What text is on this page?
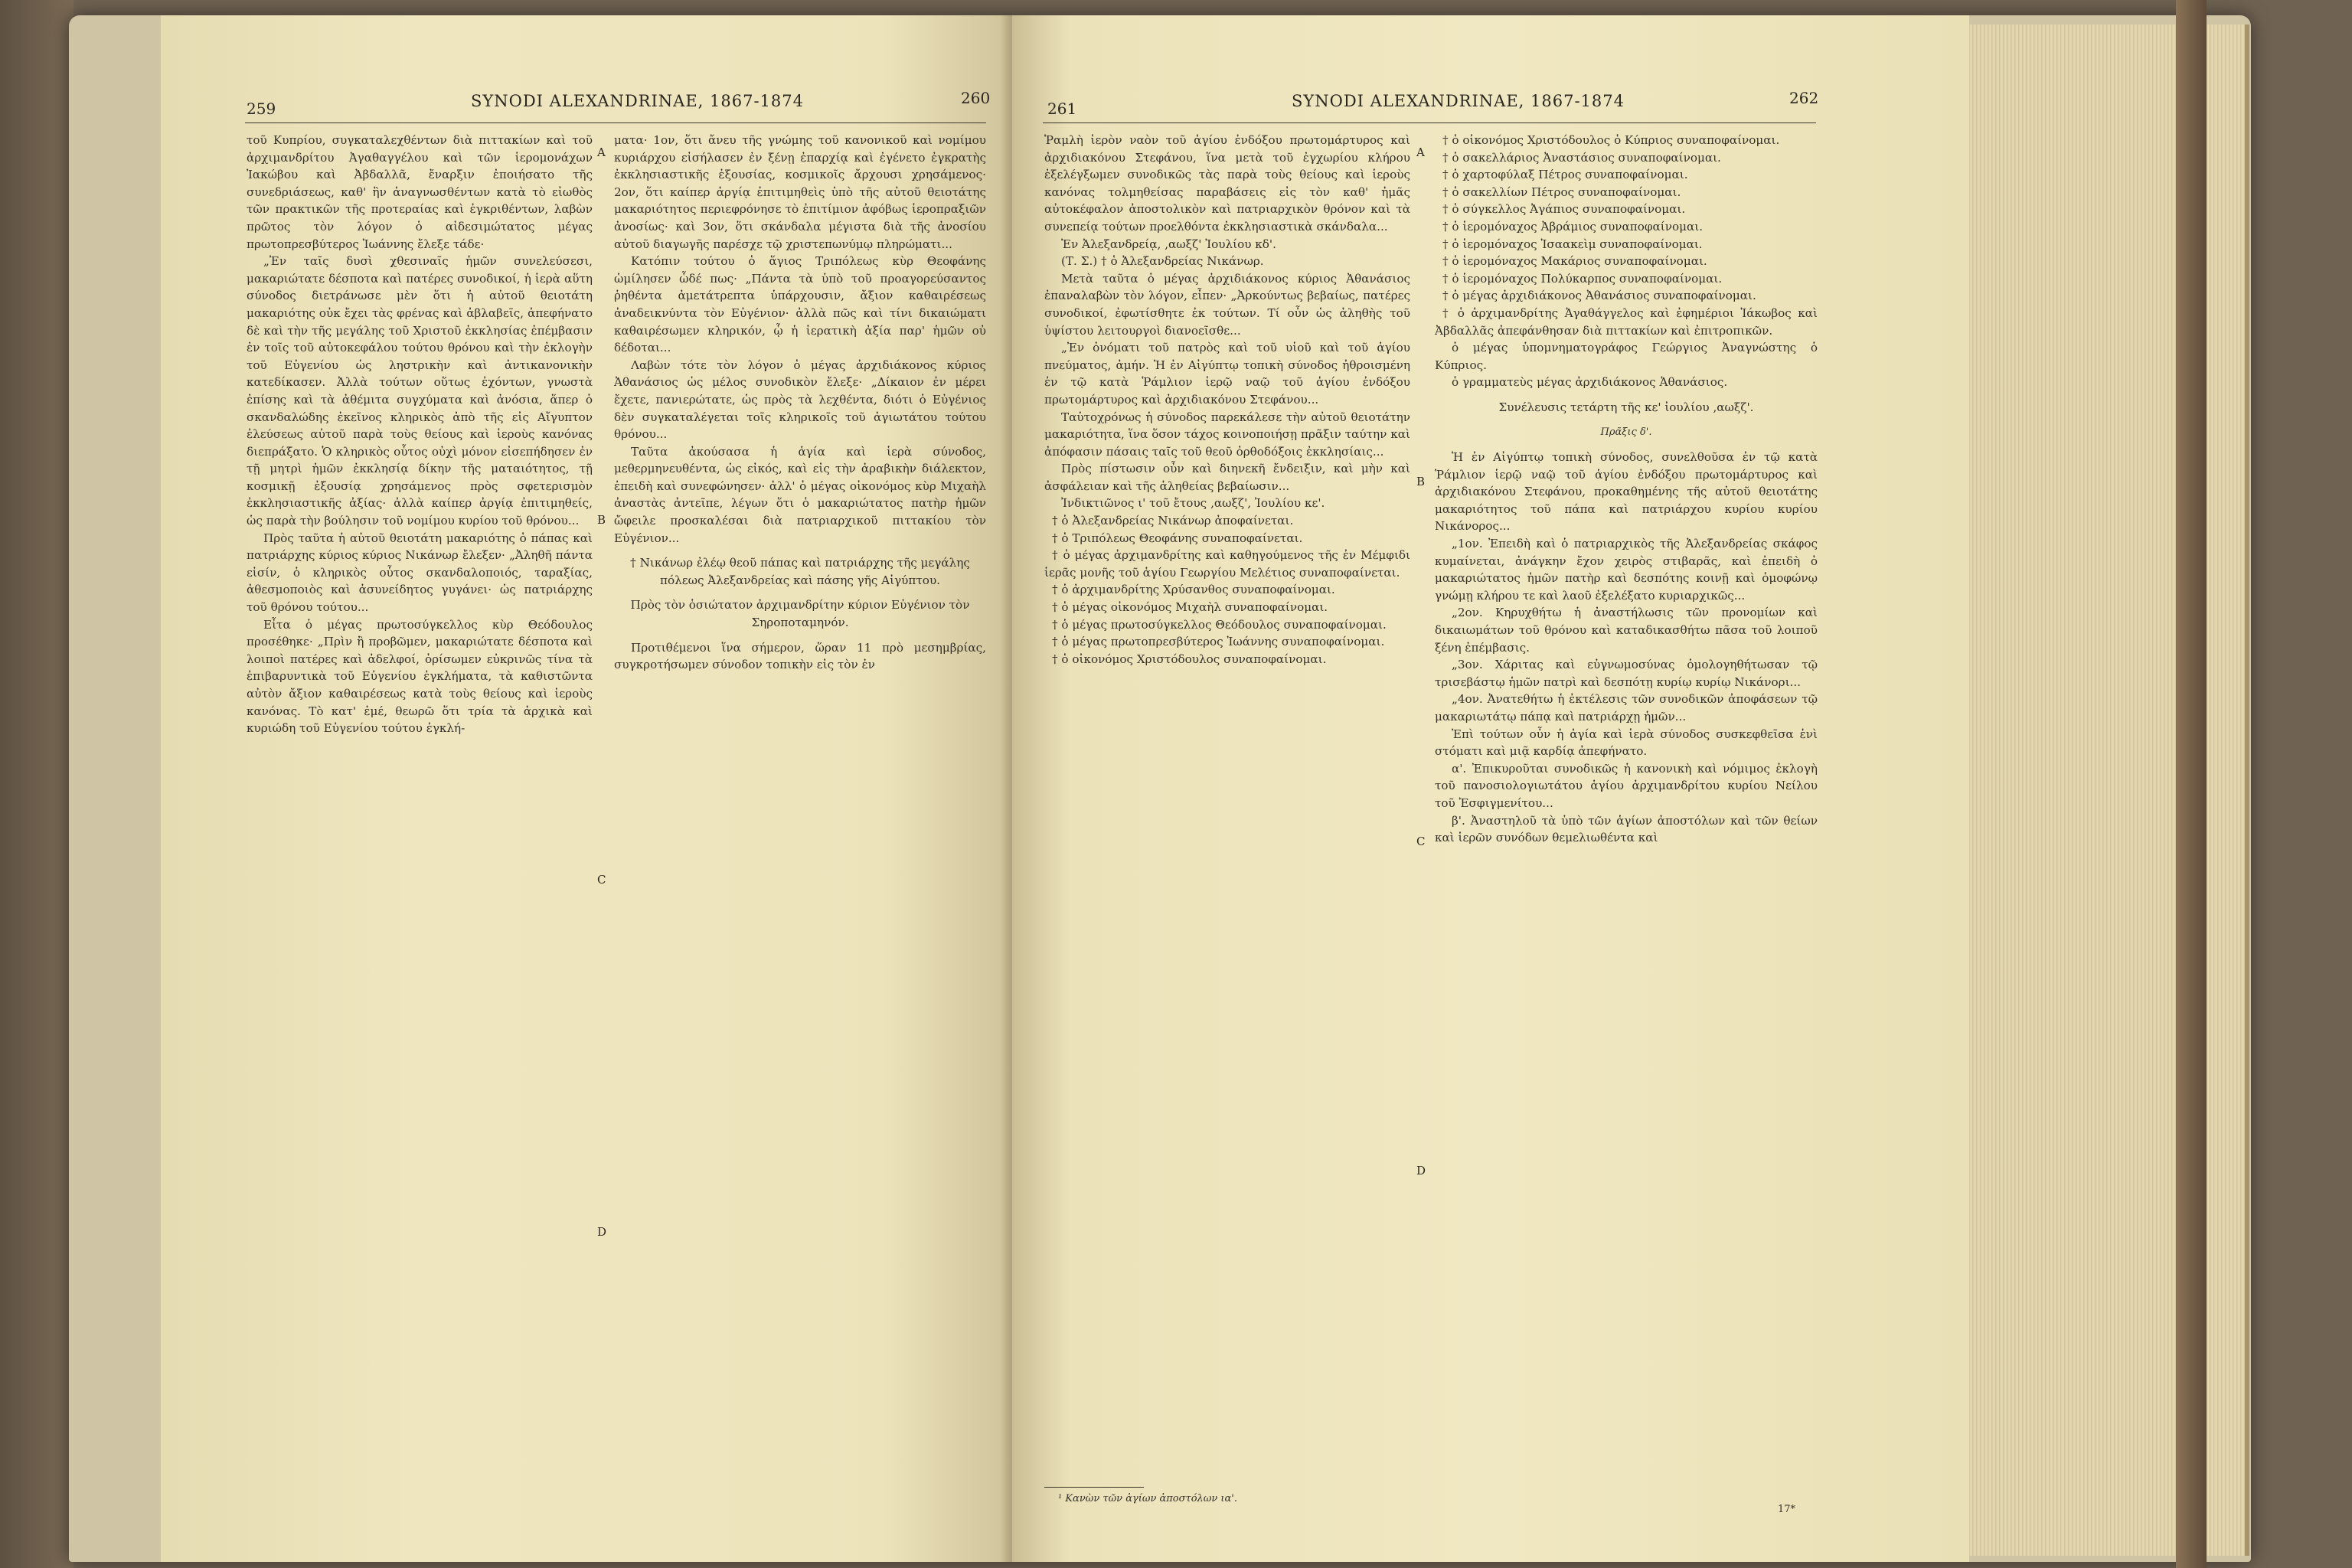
259	SYNODI ALEXANDRINAE, 1867-1874	260

τοῦ Κυπρίου, συγκαταλεχθέντων διὰ πιττακίων καὶ τοῦ ἀρχιμανδρίτου Ἀγαθαγγέλου καὶ τῶν ἱερομονάχων Ἰακώβου καὶ Ἀβδαλλᾶ, ἔναρξιν ἐποιήσατο τῆς συνεδριάσεως, καθ' ἣν ἀναγνωσθέντων κατὰ τὸ εἰωθὸς τῶν πρακτικῶν τῆς προτεραίας καὶ ἐγκριθέντων, λαβὼν πρῶτος τὸν λόγον ὁ αἰδεσιμώτατος μέγας πρωτοπρεσβύτερος Ἰωάννης ἔλεξε τάδε·

„Ἐν ταῖς δυσὶ χθεσιναῖς ἡμῶν συνελεύσεσι, μακαριώτατε δέσποτα καὶ πατέρες συνοδικοί, ἡ ἱερὰ αὕτη σύνοδος διετράνωσε μὲν ὅτι ἡ αὐτοῦ θειοτάτη μακαριότης οὐκ ἔχει τὰς φρένας καὶ ἀβλαβεῖς, ἀπεφήνατο δὲ καὶ τὴν τῆς μεγάλης τοῦ Χριστοῦ ἐκκλησίας ἐπέμβασιν ἐν τοῖς τοῦ αὐτοκεφάλου τούτου θρόνου καὶ τὴν ἐκλογὴν τοῦ Εὐγενίου ὡς ληστρικὴν καὶ ἀντικανονικὴν κατεδίκασεν. Ἀλλὰ τούτων οὕτως ἐχόντων, γνωστὰ ἐπίσης καὶ τὰ ἀθέμιτα συγχύματα καὶ ἀνόσια, ἅπερ ὁ σκανδαλώδης ἐκεῖνος κληρικὸς ἀπὸ τῆς εἰς Αἴγυπτον ἐλεύσεως αὐτοῦ παρὰ τοὺς θείους καὶ ἱεροὺς κανόνας διεπράξατο. Ὁ κληρικὸς οὗτος οὐχὶ μόνον εἰσεπήδησεν ἐν τῇ μητρὶ ἡμῶν ἐκκλησίᾳ δίκην τῆς ματαιότητος, τῇ κοσμικῇ ἐξουσίᾳ χρησάμενος πρὸς σφετερισμὸν ἐκκλησιαστικῆς ἀξίας· ἀλλὰ καίπερ ἀργίᾳ ἐπιτιμηθείς, ὡς παρὰ τὴν βούλησιν τοῦ νομίμου κυρίου τοῦ θρόνου...

Πρὸς ταῦτα ἡ αὐτοῦ θειοτάτη μακαριότης ὁ πάπας καὶ πατριάρχης κύριος κύριος Νικάνωρ ἔλεξεν· „Ἀληθῆ πάντα εἰσίν, ὁ κληρικὸς οὗτος σκανδαλοποιός, ταραξίας, ἀθεσμοποιὸς καὶ ἀσυνείδητος γυγάνει· ὡς πατριάρχης τοῦ θρόνου τούτου...

Εἶτα ὁ μέγας πρωτοσύγκελλος κὺρ Θεόδουλος προσέθηκε· „Πρὶν ἢ προβῶμεν, μακαριώτατε δέσποτα καὶ λοιποὶ πατέρες καὶ ἀδελφοί, ὁρίσωμεν εὐκρινῶς τίνα τὰ ἐπιβαρυντικὰ τοῦ Εὐγενίου ἐγκλήματα, τὰ καθιστῶντα αὐτὸν ἄξιον καθαιρέσεως κατὰ τοὺς θείους καὶ ἱεροὺς κανόνας. Τὸ κατ' ἐμέ, θεωρῶ ὅτι τρία τὰ ἀρχικὰ καὶ κυριώδη τοῦ Εὐγενίου τούτου ἐγκλή-

A
B
C
D

ματα· 1ον, ὅτι ἄνευ τῆς γνώμης τοῦ κανονικοῦ καὶ νομίμου κυριάρχου εἰσήλασεν ἐν ξένῃ ἐπαρχίᾳ καὶ ἐγένετο ἐγκρατὴς ἐκκλησιαστικῆς ἐξουσίας, κοσμικοῖς ἄρχουσι χρησάμενος· 2ον, ὅτι καίπερ ἀργίᾳ ἐπιτιμηθεὶς ὑπὸ τῆς αὐτοῦ θειοτάτης μακαριότητος περιεφρόνησε τὸ ἐπιτίμιον ἀφόβως ἱεροπραξιῶν ἀνοσίως· καὶ 3ον, ὅτι σκάνδαλα μέγιστα διὰ τῆς ἀνοσίου αὐτοῦ διαγωγῆς παρέσχε τῷ χριστεπωνύμῳ πληρώματι...

Κατόπιν τούτου ὁ ἅγιος Τριπόλεως κὺρ Θεοφάνης ὡμίλησεν ὧδέ πως· „Πάντα τὰ ὑπὸ τοῦ προαγορεύσαντος ῥηθέντα ἀμετάτρεπτα ὑπάρχουσιν, ἄξιον καθαιρέσεως ἀναδεικνύντα τὸν Εὐγένιον· ἀλλὰ πῶς καὶ τίνι δικαιώματι καθαιρέσωμεν κληρικόν, ᾧ ἡ ἱερατικὴ ἀξία παρ' ἡμῶν οὐ δέδοται...

Λαβὼν τότε τὸν λόγον ὁ μέγας ἀρχιδιάκονος κύριος Ἀθανάσιος ὡς μέλος συνοδικὸν ἔλεξε· „Δίκαιον ἐν μέρει ἔχετε, πανιερώτατε, ὡς πρὸς τὰ λεχθέντα, διότι ὁ Εὐγένιος δὲν συγκαταλέγεται τοῖς κληρικοῖς τοῦ ἁγιωτάτου τούτου θρόνου...

Ταῦτα ἀκούσασα ἡ ἁγία καὶ ἱερὰ σύνοδος, μεθερμηνευθέντα, ὡς εἰκός, καὶ εἰς τὴν ἀραβικὴν διάλεκτον, ἐπειδὴ καὶ συνεφώνησεν· ἀλλ' ὁ μέγας οἰκονόμος κὺρ Μιχαὴλ ἀναστὰς ἀντεῖπε, λέγων ὅτι ὁ μακαριώτατος πατὴρ ἡμῶν ὤφειλε προσκαλέσαι διὰ πατριαρχικοῦ πιττακίου τὸν Εὐγένιον...

† Νικάνωρ ἐλέῳ θεοῦ πάπας καὶ πατριάρχης τῆς μεγάλης πόλεως Ἀλεξανδρείας καὶ πάσης γῆς Αἰγύπτου.

Πρὸς τὸν ὁσιώτατον ἀρχιμανδρίτην κύριον Εὐγένιον τὸν Σηροποταμηνόν.

Προτιθέμενοι ἵνα σήμερον, ὥραν 11 πρὸ μεσημβρίας, συγκροτήσωμεν σύνοδον τοπικὴν εἰς τὸν ἐν

261	SYNODI ALEXANDRINAE, 1867-1874	262

Ῥαμλὴ ἱερὸν ναὸν τοῦ ἁγίου ἐνδόξου πρωτομάρτυρος καὶ ἀρχιδιακόνου Στεφάνου, ἵνα μετὰ τοῦ ἐγχωρίου κλήρου ἐξελέγξωμεν συνοδικῶς τὰς παρὰ τοὺς θείους καὶ ἱεροὺς κανόνας τολμηθείσας παραβάσεις εἰς τὸν καθ' ἡμᾶς αὐτοκέφαλον ἀποστολικὸν καὶ πατριαρχικὸν θρόνον καὶ τὰ συνεπείᾳ τούτων προελθόντα ἐκκλησιαστικὰ σκάνδαλα...

Ἐν Ἀλεξανδρείᾳ, ‚αωξζ' Ἰουλίου κδ'.

(Τ. Σ.) † ὁ Ἀλεξανδρείας Νικάνωρ.

Μετὰ ταῦτα ὁ μέγας ἀρχιδιάκονος κύριος Ἀθανάσιος ἐπαναλαβὼν τὸν λόγον, εἶπεν· „Ἀρκούντως βεβαίως, πατέρες συνοδικοί, ἐφωτίσθητε ἐκ τούτων. Τί οὖν ὡς ἀληθὴς τοῦ ὑψίστου λειτουργοὶ διανοεῖσθε...

„Ἐν ὀνόματι τοῦ πατρὸς καὶ τοῦ υἱοῦ καὶ τοῦ ἁγίου πνεύματος, ἀμήν. Ἡ ἐν Αἰγύπτῳ τοπικὴ σύνοδος ἠθροισμένη ἐν τῷ κατὰ Ῥάμλιον ἱερῷ ναῷ τοῦ ἁγίου ἐνδόξου πρωτομάρτυρος καὶ ἀρχιδιακόνου Στεφάνου...

Ταὐτοχρόνως ἡ σύνοδος παρεκάλεσε τὴν αὐτοῦ θειοτάτην μακαριότητα, ἵνα ὅσον τάχος κοινοποιήσῃ πρᾶξιν ταύτην καὶ ἀπόφασιν πάσαις ταῖς τοῦ θεοῦ ὀρθοδόξοις ἐκκλησίαις...

Πρὸς πίστωσιν οὖν καὶ διηνεκῆ ἔνδειξιν, καὶ μὴν καὶ ἀσφάλειαν καὶ τῆς ἀληθείας βεβαίωσιν...

Ἰνδικτιῶνος ι' τοῦ ἔτους ‚αωξζ', Ἰουλίου κε'.

† ὁ Ἀλεξανδρείας Νικάνωρ ἀποφαίνεται.

† ὁ Τριπόλεως Θεοφάνης συναποφαίνεται.

† ὁ μέγας ἀρχιμανδρίτης καὶ καθηγούμενος τῆς ἐν Μέμφιδι ἱερᾶς μονῆς τοῦ ἁγίου Γεωργίου Μελέτιος συναποφαίνεται.

† ὁ ἀρχιμανδρίτης Χρύσανθος συναποφαίνομαι.

† ὁ μέγας οἰκονόμος Μιχαὴλ συναποφαίνομαι.

† ὁ μέγας πρωτοσύγκελλος Θεόδουλος συναποφαίνομαι.

† ὁ μέγας πρωτοπρεσβύτερος Ἰωάννης συναποφαίνομαι.

† ὁ οἰκονόμος Χριστόδουλος συναποφαίνομαι.

¹ Κανὼν τῶν ἁγίων ἀποστόλων ια'.
A
B
C
D

† ὁ οἰκονόμος Χριστόδουλος ὁ Κύπριος συναποφαίνομαι.

† ὁ σακελλάριος Ἀναστάσιος συναποφαίνομαι.

† ὁ χαρτοφύλαξ Πέτρος συναποφαίνομαι.

† ὁ σακελλίων Πέτρος συναποφαίνομαι.

† ὁ σύγκελλος Ἀγάπιος συναποφαίνομαι.

† ὁ ἱερομόναχος Ἀβράμιος συναποφαίνομαι.

† ὁ ἱερομόναχος Ἰσαακεὶμ συναποφαίνομαι.

† ὁ ἱερομόναχος Μακάριος συναποφαίνομαι.

† ὁ ἱερομόναχος Πολύκαρπος συναποφαίνομαι.

† ὁ μέγας ἀρχιδιάκονος Ἀθανάσιος συναποφαίνομαι.

† ὁ ἀρχιμανδρίτης Ἀγαθάγγελος καὶ ἐφημέριοι Ἰάκωβος καὶ Ἀβδαλλᾶς ἀπεφάνθησαν διὰ πιττακίων καὶ ἐπιτροπικῶν.

ὁ μέγας ὑπομνηματογράφος Γεώργιος Ἀναγνώστης ὁ Κύπριος.

ὁ γραμματεὺς μέγας ἀρχιδιάκονος Ἀθανάσιος.

Συνέλευσις τετάρτη τῆς κε' ἰουλίου ‚αωξζ'.

Πρᾶξις δ'.

Ἡ ἐν Αἰγύπτῳ τοπικὴ σύνοδος, συνελθοῦσα ἐν τῷ κατὰ Ῥάμλιον ἱερῷ ναῷ τοῦ ἁγίου ἐνδόξου πρωτομάρτυρος καὶ ἀρχιδιακόνου Στεφάνου, προκαθημένης τῆς αὐτοῦ θειοτάτης μακαριότητος τοῦ πάπα καὶ πατριάρχου κυρίου κυρίου Νικάνορος...

„1ον. Ἐπειδὴ καὶ ὁ πατριαρχικὸς τῆς Ἀλεξανδρείας σκάφος κυμαίνεται, ἀνάγκην ἔχον χειρὸς στιβαρᾶς, καὶ ἐπειδὴ ὁ μακαριώτατος ἡμῶν πατὴρ καὶ δεσπότης κοινῇ καὶ ὁμοφώνῳ γνώμῃ κλήρου τε καὶ λαοῦ ἐξελέξατο κυριαρχικῶς...

„2ον. Κηρυχθήτω ἡ ἀναστήλωσις τῶν προνομίων καὶ δικαιωμάτων τοῦ θρόνου καὶ καταδικασθήτω πᾶσα τοῦ λοιποῦ ξένη ἐπέμβασις.

„3ον. Χάριτας καὶ εὐγνωμοσύνας ὁμολογηθήτωσαν τῷ τρισεβάστῳ ἡμῶν πατρὶ καὶ δεσπότῃ κυρίῳ κυρίῳ Νικάνορι...

„4ον. Ἀνατεθήτω ἡ ἐκτέλεσις τῶν συνοδικῶν ἀποφάσεων τῷ μακαριωτάτῳ πάπᾳ καὶ πατριάρχῃ ἡμῶν...

Ἐπὶ τούτων οὖν ἡ ἁγία καὶ ἱερὰ σύνοδος συσκεφθεῖσα ἑνὶ στόματι καὶ μιᾷ καρδίᾳ ἀπεφήνατο.

α'. Ἐπικυροῦται συνοδικῶς ἡ κανονικὴ καὶ νόμιμος ἐκλογὴ τοῦ πανοσιολογιωτάτου ἁγίου ἀρχιμανδρίτου κυρίου Νείλου τοῦ Ἐσφιγμενίτου...

β'. Ἀναστηλοῦ τὰ ὑπὸ τῶν ἁγίων ἀποστόλων καὶ τῶν θείων καὶ ἱερῶν συνόδων θεμελιωθέντα καὶ

17*
